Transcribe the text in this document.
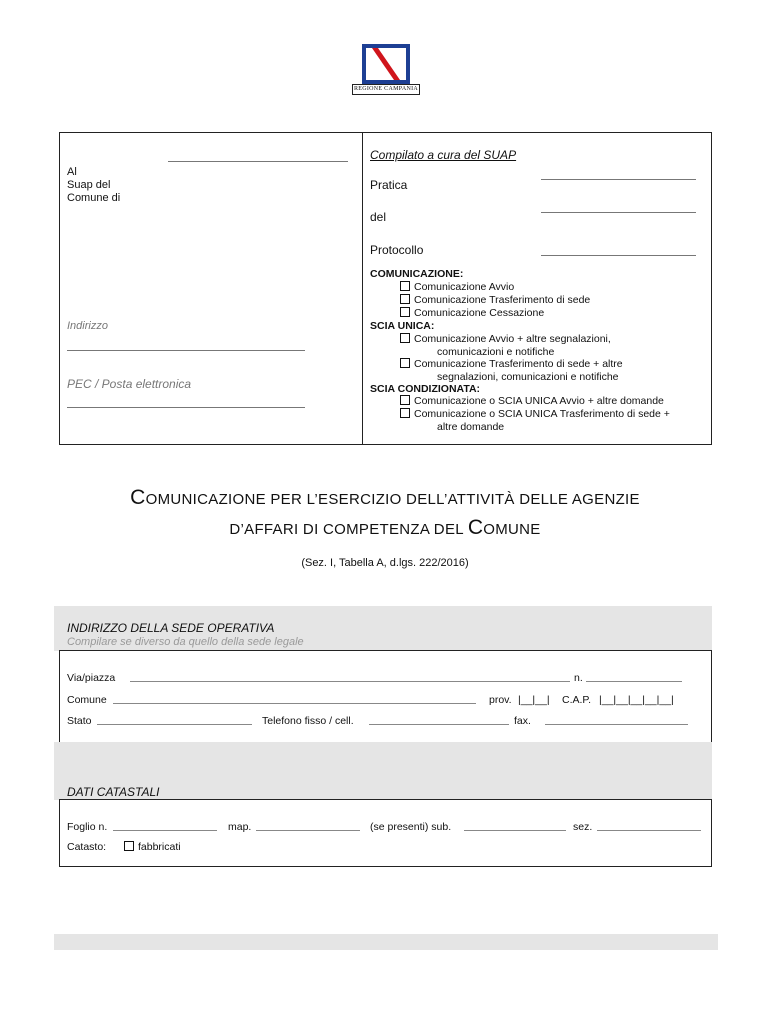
REGIONE CAMPANIA
Al
Suap del
Comune di
Indirizzo
PEC / Posta elettronica
Compilato a cura del SUAP
Pratica
del
Protocollo
COMUNICAZIONE:
Comunicazione Avvio
Comunicazione Trasferimento di sede
Comunicazione Cessazione
SCIA UNICA:
Comunicazione Avvio + altre segnalazioni,
comunicazioni e notifiche
Comunicazione Trasferimento di sede + altre
segnalazioni, comunicazioni e notifiche
SCIA CONDIZIONATA:
Comunicazione o SCIA UNICA Avvio + altre domande
Comunicazione o SCIA UNICA Trasferimento di sede +
altre domande
COMUNICAZIONE PER L’ESERCIZIO DELL’ATTIVITÀ DELLE AGENZIE
D’AFFARI DI COMPETENZA DEL COMUNE
(Sez. I, Tabella A, d.lgs. 222/2016)
INDIRIZZO DELLA SEDE OPERATIVA
Compilare se diverso da quello della sede legale
Via/piazza	n.
Comune	prov. |__|__| C.A.P. |__|__|__|__|__|
Stato	Telefono fisso / cell.	fax.
DATI CATASTALI
Foglio n.	map.	(se presenti) sub.	sez.
Catasto:	fabbricati
